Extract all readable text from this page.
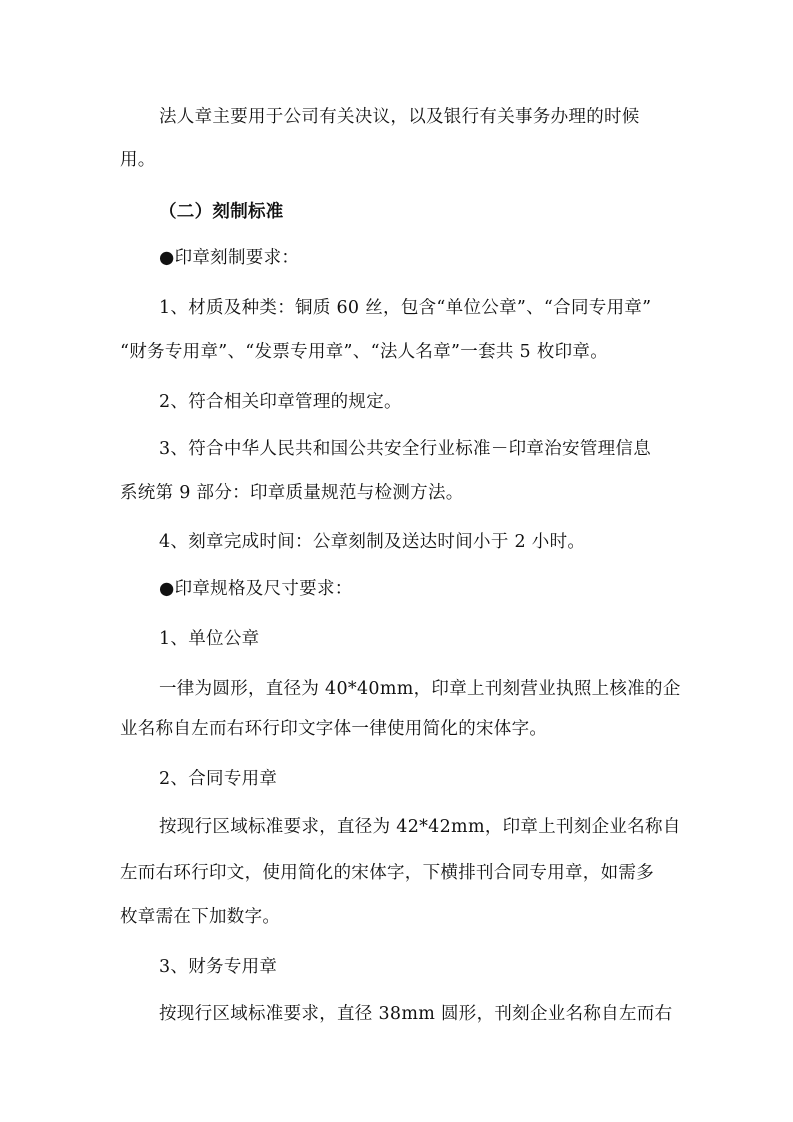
法人章主要用于公司有关决议，以及银行有关事务办理的时候
用。
（二）刻制标准
●印章刻制要求：
1、材质及种类：铜质 60 丝，包含“单位公章”、“合同专用章”
“财务专用章”、“发票专用章”、“法人名章”一套共 5 枚印章。
2、符合相关印章管理的规定。
3、符合中华人民共和国公共安全行业标准－印章治安管理信息
系统第 9 部分：印章质量规范与检测方法。
4、刻章完成时间：公章刻制及送达时间小于 2 小时。
●印章规格及尺寸要求：
1、单位公章
一律为圆形，直径为 40*40mm，印章上刊刻营业执照上核准的企
业名称自左而右环行印文字体一律使用简化的宋体字。
2、合同专用章
按现行区域标准要求，直径为 42*42mm，印章上刊刻企业名称自
左而右环行印文，使用简化的宋体字，下横排刊合同专用章，如需多
枚章需在下加数字。
3、财务专用章
按现行区域标准要求，直径 38mm 圆形，刊刻企业名称自左而右
